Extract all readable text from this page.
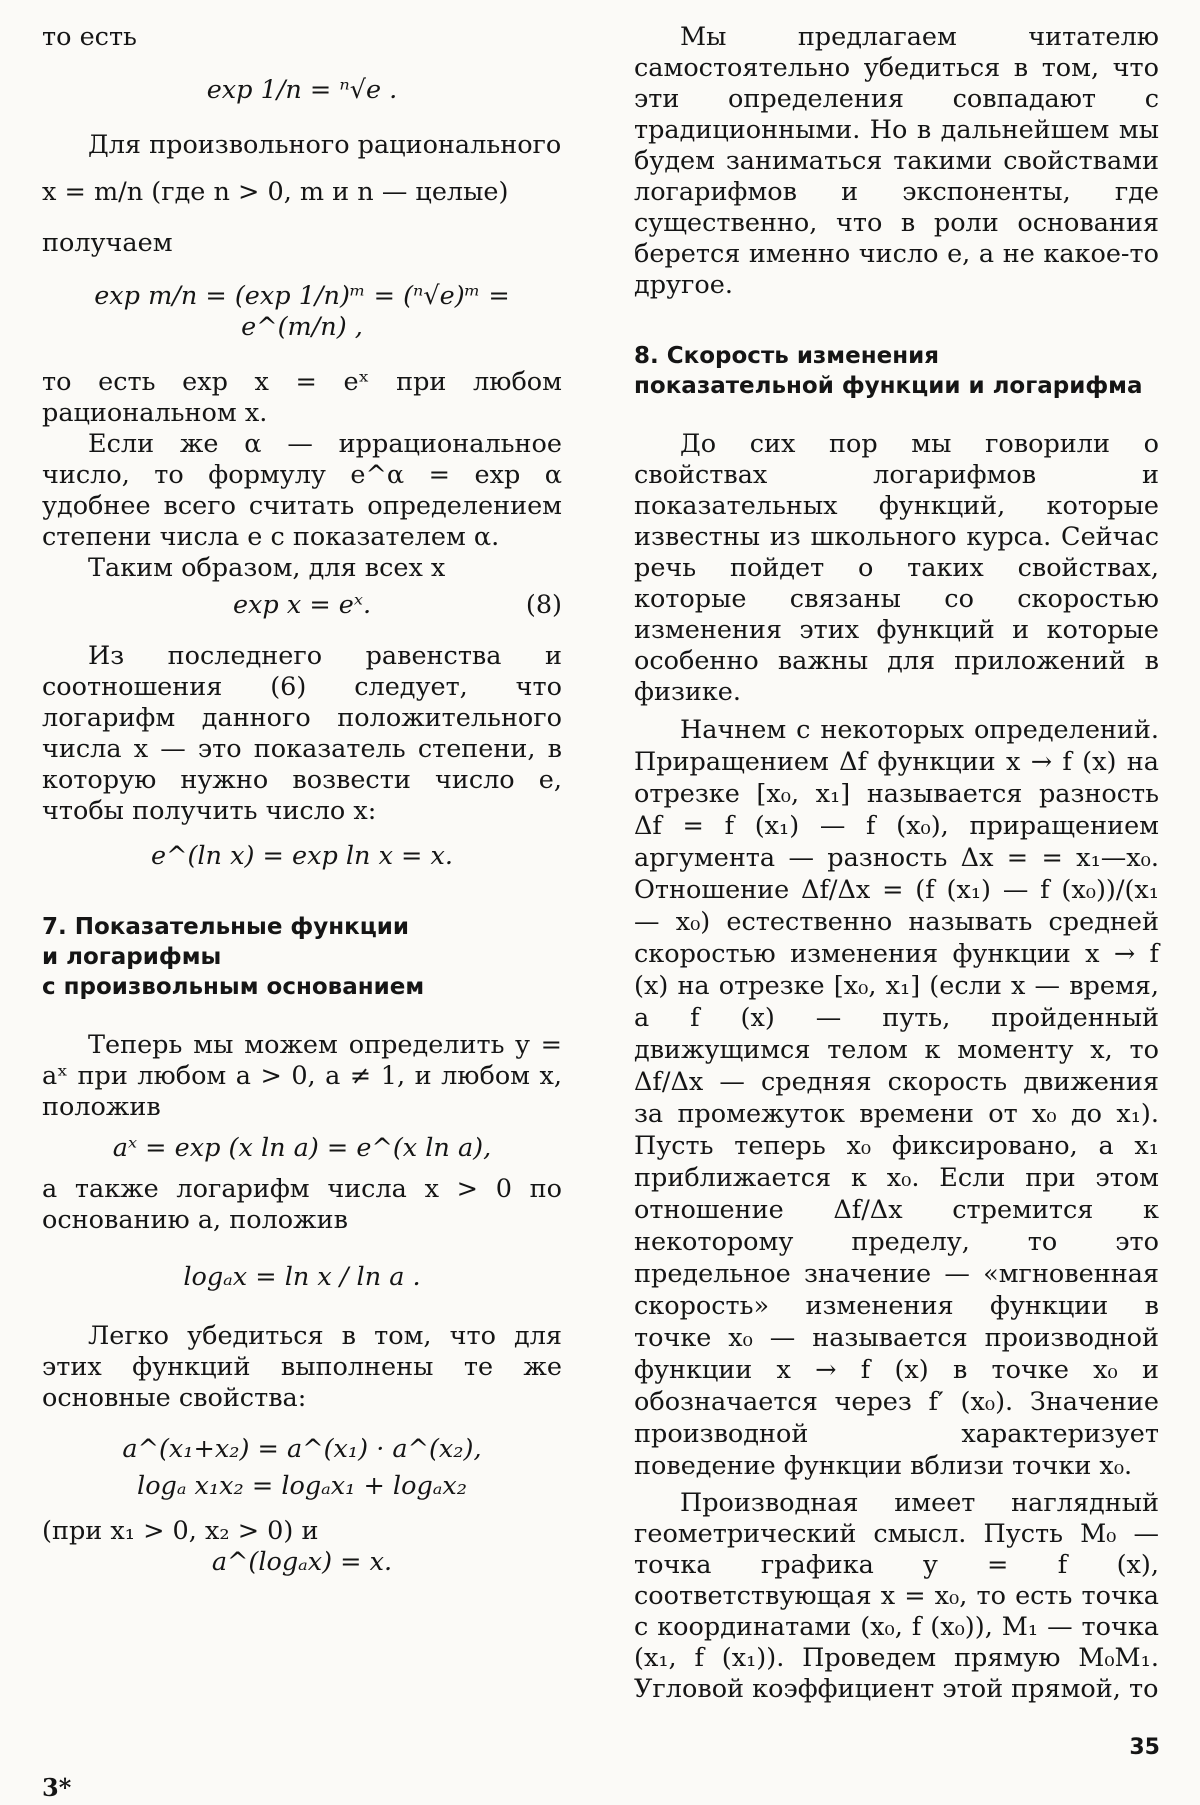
то есть

exp 1/n = ⁿ√e .

Для произвольного рационального

x = m/n (где n > 0, m и n — целые)

получаем

exp m/n = (exp 1/n)ᵐ = (ⁿ√e)ᵐ = e^(m/n) ,

то есть exp x = eˣ при любом рациональном x.

Если же α — иррациональное число, то формулу e^α = exp α удобнее всего считать определением степени числа e с показателем α.

Таким образом, для всех x

exp x = eˣ.	(8)

Из последнего равенства и соотношения (6) следует, что логарифм данного положительного числа x — это показатель степени, в которую нужно возвести число e, чтобы получить число x:

e^(ln x) = exp ln x = x.
7. Показательные функции
и логарифмы
с произвольным основанием

Теперь мы можем определить y = aˣ при любом a > 0, a ≠ 1, и любом x, положив

aˣ = exp (x ln a) = e^(x ln a),

а также логарифм числа x > 0 по основанию a, положив

logₐx = ln x / ln a .

Легко убедиться в том, что для этих функций выполнены те же основные свойства:

a^(x₁+x₂) = a^(x₁) · a^(x₂),
logₐ x₁x₂ = logₐx₁ + logₐx₂

(при x₁ > 0, x₂ > 0) и

a^(logₐx) = x.

Мы предлагаем читателю самостоятельно убедиться в том, что эти определения совпадают с традиционными. Но в дальнейшем мы будем заниматься такими свойствами логарифмов и экспоненты, где существенно, что в роли основания берется именно число e, а не какое-то другое.

8. Скорость изменения
показательной функции и логарифма

До сих пор мы говорили о свойствах логарифмов и показательных функций, которые известны из школьного курса. Сейчас речь пойдет о таких свойствах, которые связаны со скоростью изменения этих функций и которые особенно важны для приложений в физике.

Начнем с некоторых определений. Приращением Δf функции x → f (x) на отрезке [x₀, x₁] называется разность Δf = f (x₁) — f (x₀), приращением аргумента — разность Δx = = x₁—x₀. Отношение Δf/Δx = (f (x₁) — f (x₀))/(x₁ — x₀) естественно называть средней скоростью изменения функции x → f (x) на отрезке [x₀, x₁] (если x — время, а f (x) — путь, пройденный движущимся телом к моменту x, то Δf/Δx — средняя скорость движения за промежуток времени от x₀ до x₁). Пусть теперь x₀ фиксировано, а x₁ приближается к x₀. Если при этом отношение Δf/Δx стремится к некоторому пределу, то это предельное значение — «мгновенная скорость» изменения функции в точке x₀ — называется производной функции x → f (x) в точке x₀ и обозначается через f′ (x₀). Значение производной характеризует поведение функции вблизи точки x₀.

Производная имеет наглядный геометрический смысл. Пусть M₀ — точка графика y = f (x), соответствующая x = x₀, то есть точка с координатами (x₀, f (x₀)), M₁ — точка (x₁, f (x₁)). Проведем прямую M₀M₁. Угловой коэффициент этой прямой, то

35
3*
